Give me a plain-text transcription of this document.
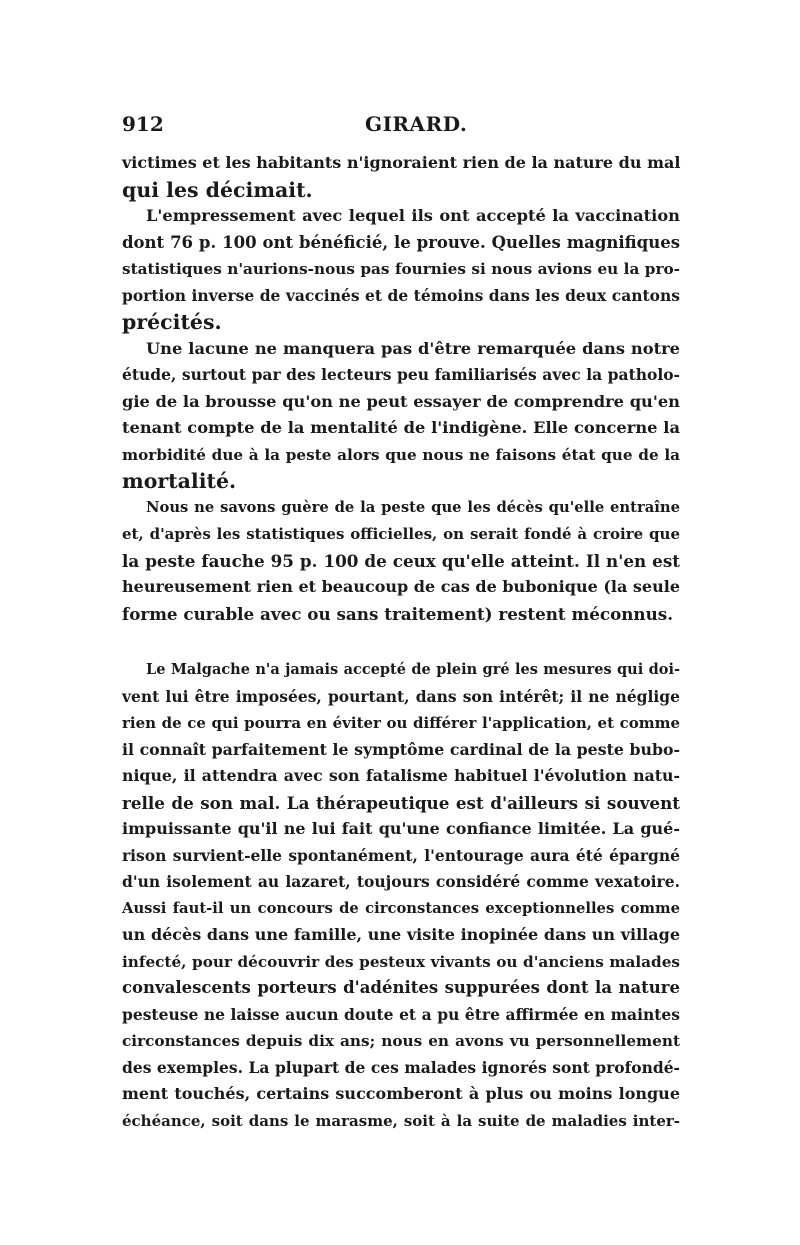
912	GIRARD.

victimes et les habitants n'ignoraient rien de la nature du mal
qui les décimait.

L'empressement avec lequel ils ont accepté la vaccination
dont 76 p. 100 ont bénéficié, le prouve. Quelles magnifiques
statistiques n'aurions-nous pas fournies si nous avions eu la pro-
portion inverse de vaccinés et de témoins dans les deux cantons
précités.

Une lacune ne manquera pas d'être remarquée dans notre
étude, surtout par des lecteurs peu familiarisés avec la patholo-
gie de la brousse qu'on ne peut essayer de comprendre qu'en
tenant compte de la mentalité de l'indigène. Elle concerne la
morbidité due à la peste alors que nous ne faisons état que de la
mortalité.

Nous ne savons guère de la peste que les décès qu'elle entraîne
et, d'après les statistiques officielles, on serait fondé à croire que
la peste fauche 95 p. 100 de ceux qu'elle atteint. Il n'en est
heureusement rien et beaucoup de cas de bubonique (la seule
forme curable avec ou sans traitement) restent méconnus.

Le Malgache n'a jamais accepté de plein gré les mesures qui doi-
vent lui être imposées, pourtant, dans son intérêt; il ne néglige
rien de ce qui pourra en éviter ou différer l'application, et comme
il connaît parfaitement le symptôme cardinal de la peste bubo-
nique, il attendra avec son fatalisme habituel l'évolution natu-
relle de son mal. La thérapeutique est d'ailleurs si souvent
impuissante qu'il ne lui fait qu'une confiance limitée. La gué-
rison survient-elle spontanément, l'entourage aura été épargné
d'un isolement au lazaret, toujours considéré comme vexatoire.
Aussi faut-il un concours de circonstances exceptionnelles comme
un décès dans une famille, une visite inopinée dans un village
infecté, pour découvrir des pesteux vivants ou d'anciens malades
convalescents porteurs d'adénites suppurées dont la nature
pesteuse ne laisse aucun doute et a pu être affirmée en maintes
circonstances depuis dix ans; nous en avons vu personnellement
des exemples. La plupart de ces malades ignorés sont profondé-
ment touchés, certains succomberont à plus ou moins longue
échéance, soit dans le marasme, soit à la suite de maladies inter-
